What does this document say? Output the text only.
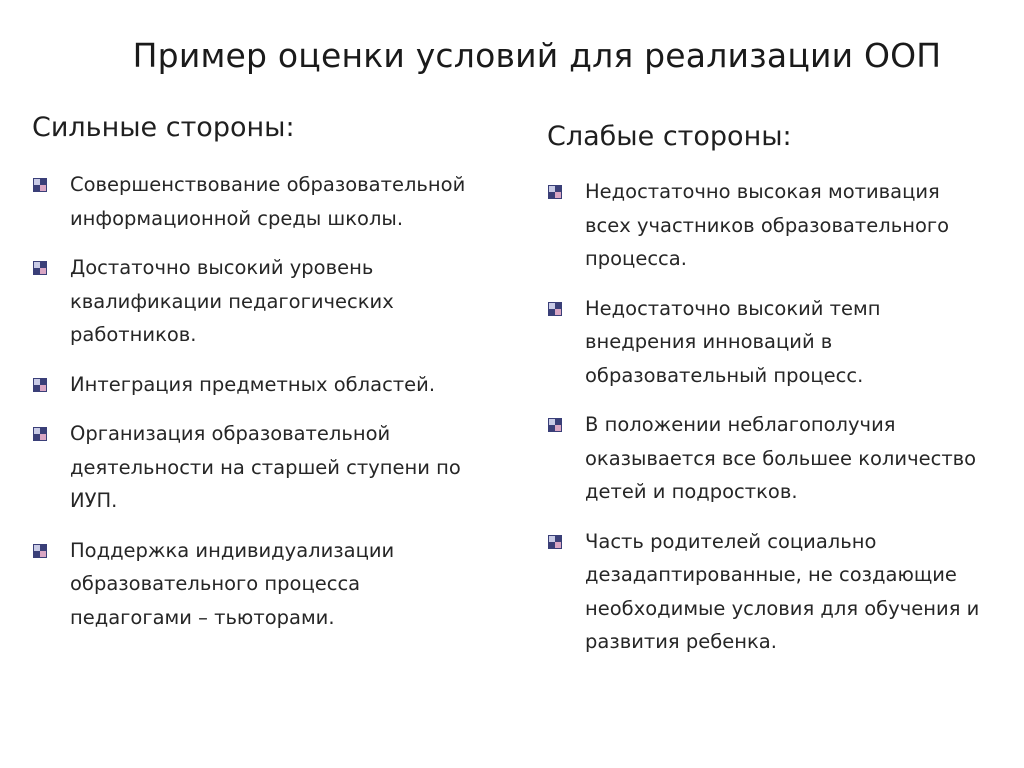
Пример оценки условий для реализации ООП
Сильные стороны:
Совершенствование образовательной информационной среды школы.
Достаточно высокий уровень квалификации педагогических работников.
Интеграция предметных областей.
Организация образовательной деятельности на старшей ступени по ИУП.
Поддержка индивидуализации образовательного процесса педагогами – тьюторами.
Слабые стороны:
Недостаточно высокая мотивация всех участников образовательного процесса.
Недостаточно высокий темп внедрения инноваций в образовательный процесс.
В положении неблагополучия оказывается все большее количество детей и подростков.
Часть родителей социально дезадаптированные, не создающие необходимые условия для обучения и развития ребенка.
